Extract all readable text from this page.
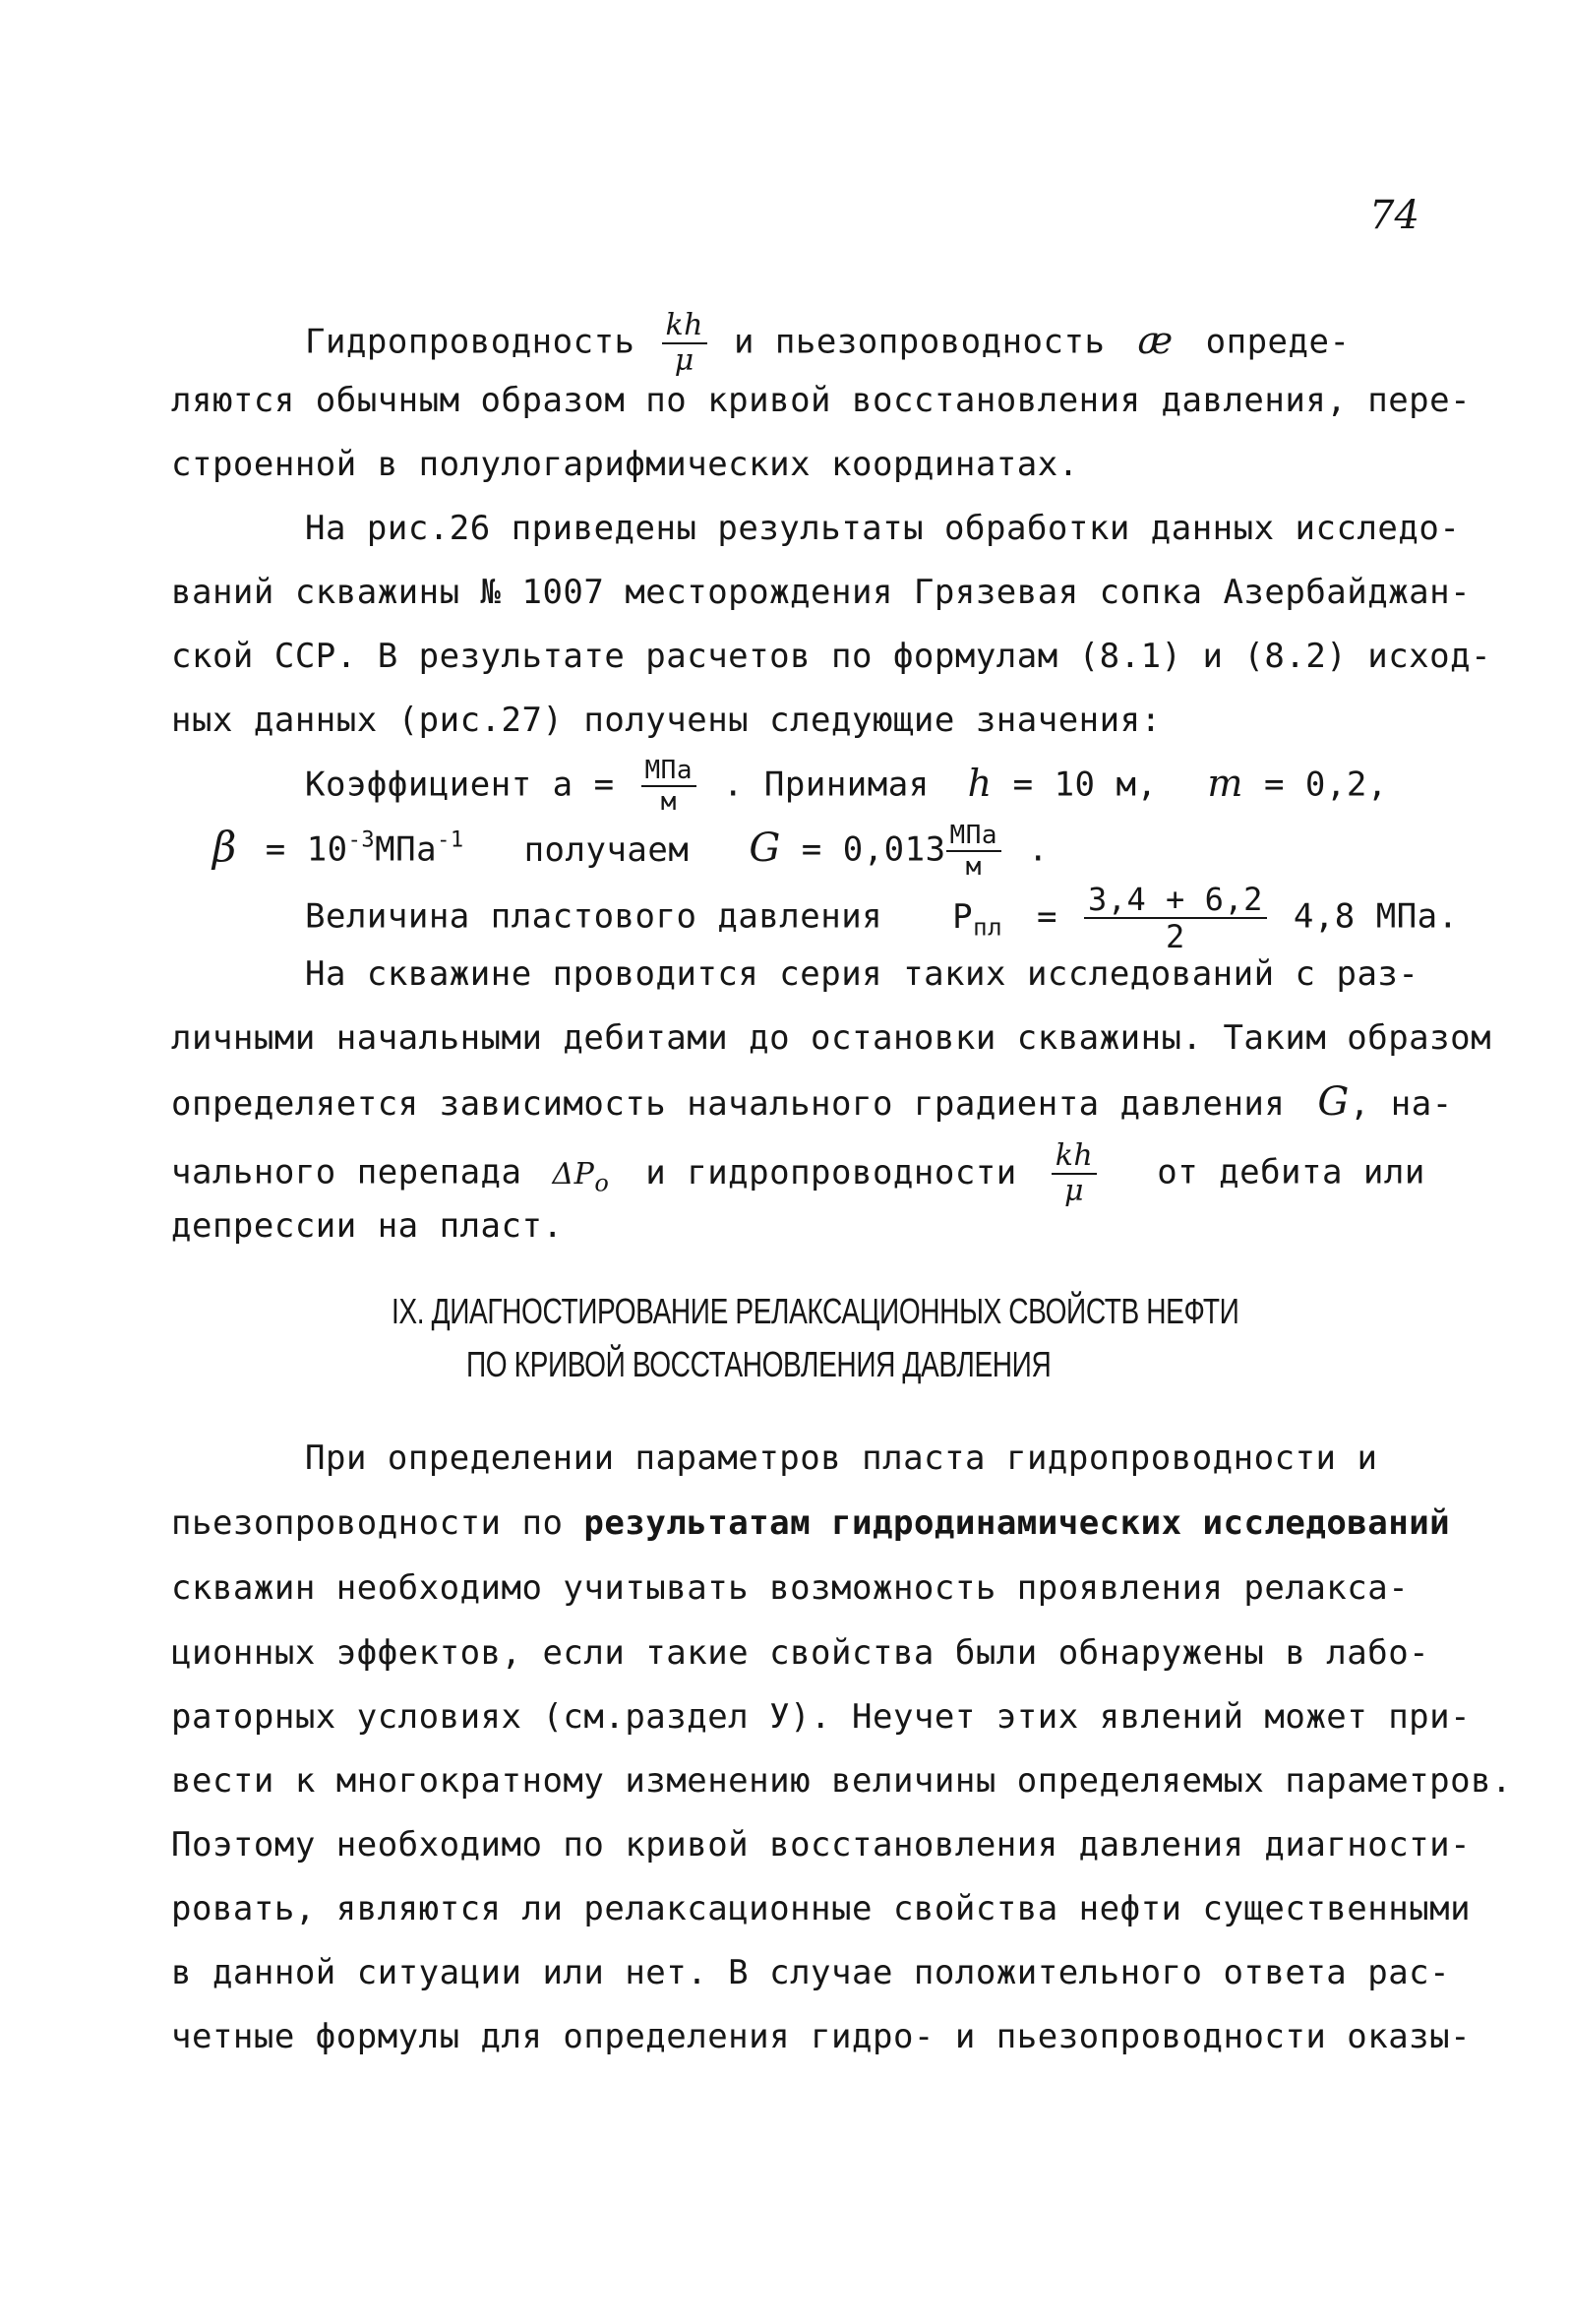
74
Гидропроводность $\frac{kh}{\mu}$ и пьезопроводность æ опреде-
ляются обычным образом по кривой восстановления давления, пере-
строенной в полулогарифмических координатах.
На рис.26 приведены результаты обработки данных исследо-
ваний скважины № 1007 месторождения Грязевая сопка Азербайджан-
ской ССР. В результате расчетов по формулам (8.1) и (8.2) исход-
ных данных (рис.27) получены следующие значения:
Коэффициент $a = \frac{\text{МПа}}{м}$ . Принимая h = 10 м, m = 0,2,
$\beta = 10^{-3}МПа^{-1}$ получаем $G = 0,013 \frac{\text{МПа}}{м}$ .
Величина пластового давления $P_{пл} = \frac{3,4 + 6,2}{2} 4,8$ МПа.
На скважине проводится серия таких исследований с раз-
личными начальными дебитами до остановки скважины. Таким образом
определяется зависимость начального градиента давления G, на-
чального перепада $\Delta P_o$ и гидропроводности $\frac{kh}{\mu}$ от дебита или
депрессии на пласт.
IX. ДИАГНОСТИРОВАНИЕ РЕЛАКСАЦИОННЫХ СВОЙСТВ НЕФТИ
ПО КРИВОЙ ВОССТАНОВЛЕНИЯ ДАВЛЕНИЯ
При определении параметров пласта гидропроводности и
пьезопроводности по результатам гидродинамических исследований
скважин необходимо учитывать возможность проявления релакса-
ционных эффектов, если такие свойства были обнаружены в лабо-
раторных условиях (см.раздел У). Неучет этих явлений может при-
вести к многократному изменению величины определяемых параметров.
Поэтому необходимо по кривой восстановления давления диагности-
ровать, являются ли релаксационные свойства нефти существенными
в данной ситуации или нет. В случае положительного ответа рас-
четные формулы для определения гидро- и пьезопроводности оказы-
